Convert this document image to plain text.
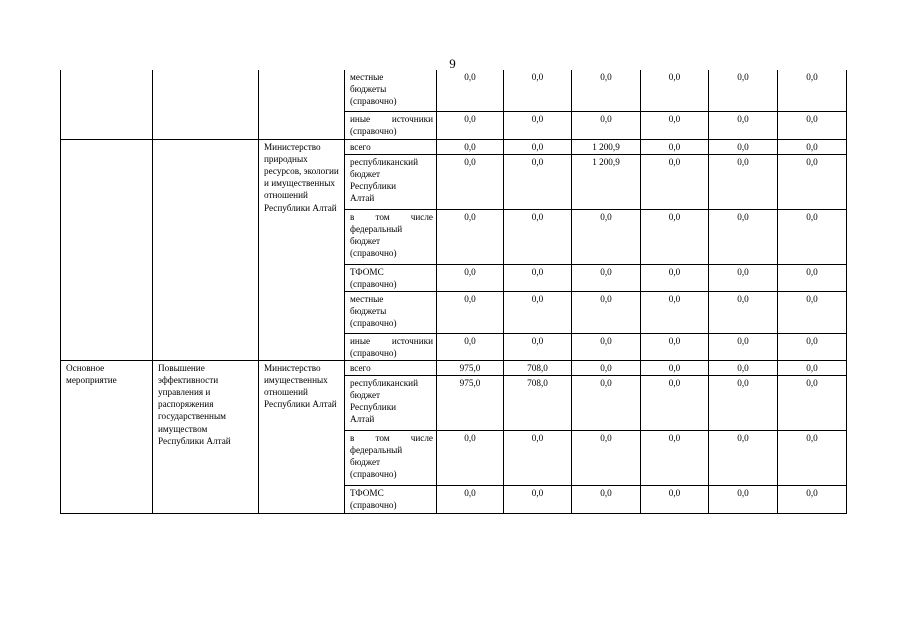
9

			местные
бюджеты
(справочно)	0,0	0,0	0,0	0,0	0,0	0,0

			иные источники
(справочно)	0,0	0,0	0,0	0,0	0,0	0,0
		Министерство природных ресурсов, экологии и имущественных отношений Республики Алтай	всего	0,0	0,0	1 200,9	0,0	0,0	0,0

			республиканский
бюджет
Республики
Алтай	0,0	0,0	1 200,9	0,0	0,0	0,0

			в том числе
федеральный
бюджет
(справочно)	0,0	0,0	0,0	0,0	0,0	0,0

			ТФОМС
(справочно)	0,0	0,0	0,0	0,0	0,0	0,0

			местные
бюджеты
(справочно)	0,0	0,0	0,0	0,0	0,0	0,0

			иные источники
(справочно)	0,0	0,0	0,0	0,0	0,0	0,0
Основное мероприятие	Повышение эффективности управления и распоряжения государственным имуществом Республики Алтай	Министерство имущественных отношений Республики Алтай	всего	975,0	708,0	0,0	0,0	0,0	0,0

			республиканский
бюджет
Республики
Алтай	975,0	708,0	0,0	0,0	0,0	0,0

			в том числе
федеральный
бюджет
(справочно)	0,0	0,0	0,0	0,0	0,0	0,0

			ТФОМС
(справочно)	0,0	0,0	0,0	0,0	0,0	0,0
